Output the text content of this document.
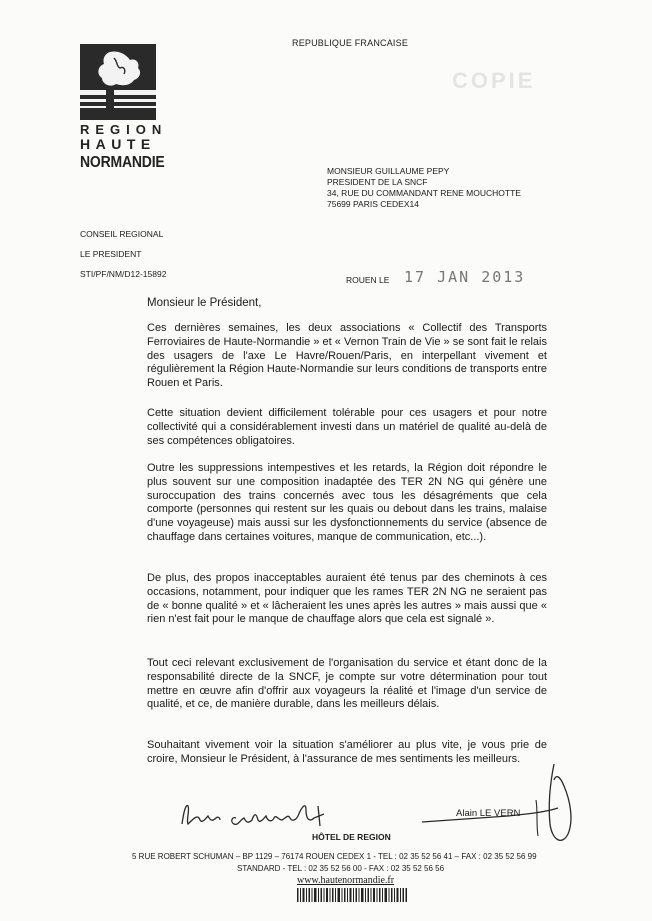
REGION
HAUTE
NORMANDIE
REPUBLIQUE FRANCAISE
COPIE
MONSIEUR GUILLAUME PEPY
PRESIDENT DE LA SNCF
34, RUE DU COMMANDANT RENE MOUCHOTTE
75699 PARIS CEDEX14
CONSEIL REGIONAL
LE PRESIDENT
STI/PF/NM/D12-15892
ROUEN LE 17 JAN 2013
Monsieur le Président,
Ces dernières semaines, les deux associations « Collectif des Transports Ferroviaires de Haute-Normandie » et « Vernon Train de Vie » se sont fait le relais des usagers de l'axe Le Havre/Rouen/Paris, en interpellant vivement et régulièrement la Région Haute-Normandie sur leurs conditions de transports entre Rouen et Paris.
Cette situation devient difficilement tolérable pour ces usagers et pour notre collectivité qui a considérablement investi dans un matériel de qualité au-delà de ses compétences obligatoires.
Outre les suppressions intempestives et les retards, la Région doit répondre le plus souvent sur une composition inadaptée des TER 2N NG qui génère une suroccupation des trains concernés avec tous les désagréments que cela comporte (personnes qui restent sur les quais ou debout dans les trains, malaise d'une voyageuse) mais aussi sur les dysfonctionnements du service (absence de chauffage dans certaines voitures, manque de communication, etc...).
De plus, des propos inacceptables auraient été tenus par des cheminots à ces occasions, notamment, pour indiquer que les rames TER 2N NG ne seraient pas de « bonne qualité » et « lâcheraient les unes après les autres » mais aussi que « rien n'est fait pour le manque de chauffage alors que cela est signalé ».
Tout ceci relevant exclusivement de l'organisation du service et étant donc de la responsabilité directe de la SNCF, je compte sur votre détermination pour tout mettre en œuvre afin d'offrir aux voyageurs la réalité et l'image d'un service de qualité, et ce, de manière durable, dans les meilleurs délais.
Souhaitant vivement voir la situation s'améliorer au plus vite, je vous prie de croire, Monsieur le Président, à l'assurance de mes sentiments les meilleurs.
Alain LE VERN
HÔTEL DE REGION
5 RUE ROBERT SCHUMAN – BP 1129 – 76174 ROUEN CEDEX 1 - TEL : 02 35 52 56 41 – FAX : 02 35 52 56 99
STANDARD - TEL : 02 35 52 56 00 - FAX : 02 35 52 56 56
www.hautenormandie.fr
